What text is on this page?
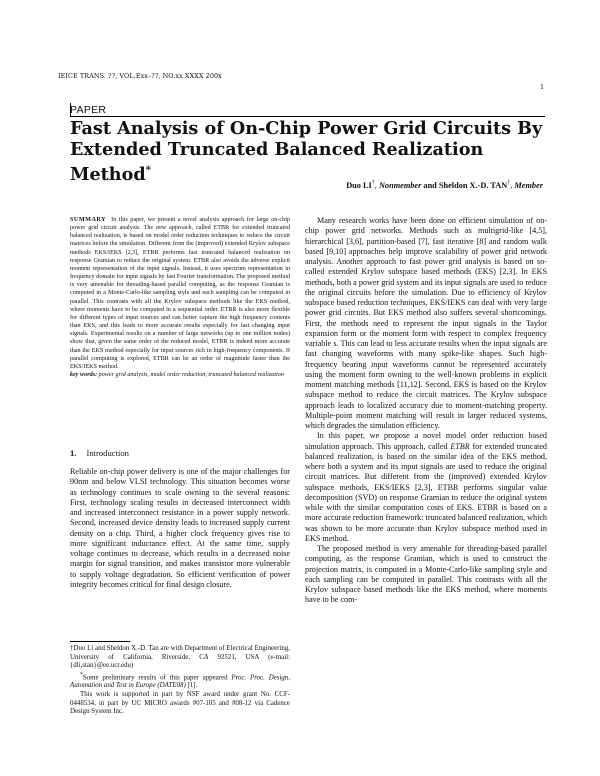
IEICE TRANS. ??, VOL.Exx–??, NO.xx XXXX 200x
1
PAPER
Fast Analysis of On-Chip Power Grid Circuits By
Extended Truncated Balanced Realization Method*
Duo LI†, Nonmember and Sheldon X.-D. TAN†, Member
SUMMARY In this paper, we present a novel analysis approach for large on-chip power grid circuit analysis. The new approach, called ETBR for extended truncated balanced realization, is based on model order reduction techniques to reduce the circuit matrices before the simulation. Different from the (improved) extended Krylov subspace methods EKS/IEKS [2,3], ETBR performs fast truncated balanced realization on response Gramian to reduce the original system. ETBR also avoids the adverse explicit moment representation of the input signals. Instead, it uses spectrum representation in frequency domain for input signals by fast Fourier transformation. The proposed method is very amenable for threading-based parallel computing, as the response Gramian is computed in a Monte-Carlo-like sampling style and each sampling can be computed in parallel. This contrasts with all the Krylov subspace methods like the EKS method, where moments have to be computed in a sequential order. ETBR is also more flexible for different types of input sources and can better capture the high frequency contents than EKS, and this leads to more accurate results especially for fast changing input signals. Experimental results on a number of large networks (up to one million nodes) show that, given the same order of the reduced model, ETBR is indeed more accurate than the EKS method especially for input sources rich in high-frequency components. If parallel computing is explored, ETBR can be an order of magnitude faster than the EKS/IEKS method.
key words: power grid analysis, model order reduction, truncated balanced realization
1. Introduction

Reliable on-chip power delivery is one of the major challenges for 90nm and below VLSI technology. This situation becomes worse as technology continues to scale owning to the several reasons: First, technology scaling results in decreased interconnect width and increased interconnect resistance in a power supply network. Second, increased device density leads to increased supply current density on a chip. Third, a higher clock frequency gives rise to more significant inductance effect. At the same time, supply voltage continues to decrease, which results in a decreased noise margin for signal transition, and makes transistor more vulnerable to supply voltage degradation. So efficient verification of power integrity becomes critical for final design closure.

†Duo Li and Sheldon X.-D. Tan are with Department of Electrical Engineering, University of California, Riverside, CA 92521, USA (e-mail:{dli,stan}@ee.ucr.edu)

*Some preliminary results of this paper appeared Proc. Proc. Design, Automation and Test in Europe (DATE08) [1].

This work is supported in part by NSF award under grant No. CCF-0448534, in part by UC MICRO awards #07-105 and #08-12 via Cadence Design System Inc.

Many research works have been done on efficient simulation of on-chip power grid networks. Methods such as multigrid-like [4,5], hierarchical [3,6], partition-based [7], fast iterative [8] and random walk based [9,10] approaches help improve scalability of power grid network analysis. Another approach to fast power grid analysis is based on so-called extended Krylov subspace based methods (EKS) [2,3]. In EKS methods, both a power grid system and its input signals are used to reduce the original circuits before the simulation. Due to efficiency of Krylov subspace based reduction techniques, EKS/IEKS can deal with very large power grid circuits. But EKS method also suffers several shortcomings. First, the methods need to represent the input signals in the Taylor expansion form or the moment form with respect to complex frequency variable s. This can lead to less accurate results when the input signals are fast changing waveforms with many spike-like shapes. Such high-frequency bearing input waveforms cannot be represented accurately using the moment form owning to the well-known problems in explicit moment matching methods [11,12]. Second, EKS is based on the Krylov subspace method to reduce the circuit matrices. The Krylov subspace approach leads to localized accuracy due to moment-matching property. Multiple-point moment matching will result in larger reduced systems, which degrades the simulation efficiency.

In this paper, we propose a novel model order reduction based simulation approach. This approach, called ETBR for extended truncated balanced realization, is based on the similar idea of the EKS method, where both a system and its input signals are used to reduce the original circuit matrices. But different from the (improved) extended Krylov subspace methods, EKS/IEKS [2,3], ETBR performs singular value decomposition (SVD) on response Gramian to reduce the original system while with the similar computation costs of EKS. ETBR is based on a more accurate reduction framework: truncated balanced realization, which was shown to be more accurate than Krylov subspace method used in EKS method.

The proposed method is very amenable for threading-based parallel computing, as the response Gramian, which is used to construct the projection matrix, is computed in a Monte-Carlo-like sampling style and each sampling can be computed in parallel. This contrasts with all the Krylov subspace based methods like the EKS method, where moments have to be com-
